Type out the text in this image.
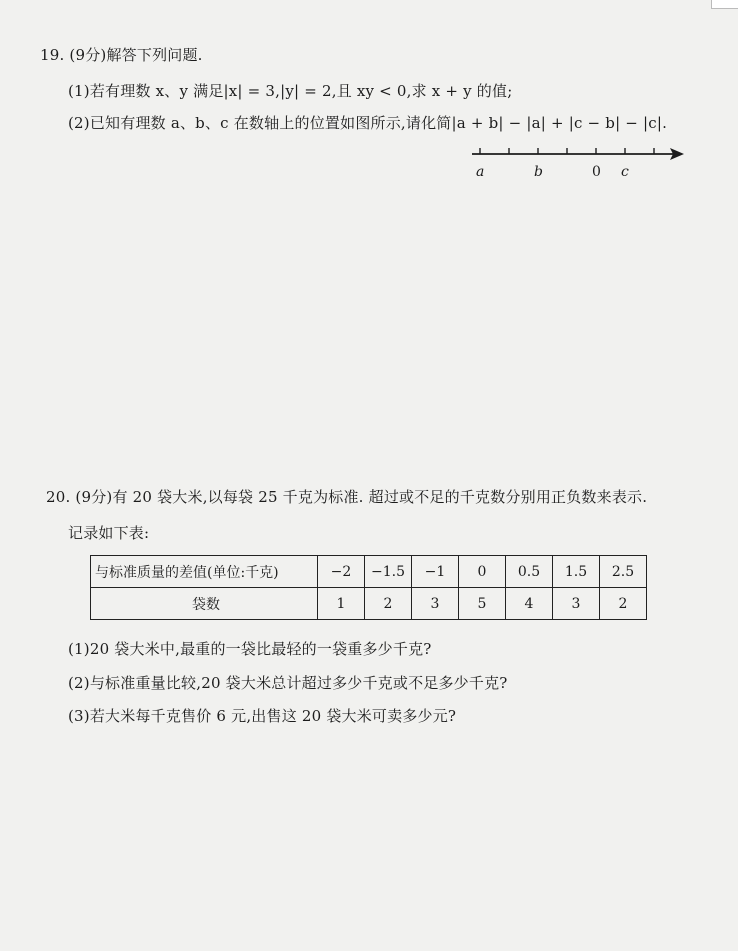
19. (9分)解答下列问题.
(1)若有理数 x、y 满足|x| = 3,|y| = 2,且 xy < 0,求 x + y 的值;
(2)已知有理数 a、b、c 在数轴上的位置如图所示,请化简|a + b| − |a| + |c − b| − |c|.
a	b	0 c
20. (9分)有 20 袋大米,以每袋 25 千克为标准. 超过或不足的千克数分别用正负数来表示.
记录如下表:
与标准质量的差值(单位:千克)	−2	−1.5	−1	0	0.5	1.5	2.5
袋数	1	2	3	5	4	3	2
(1)20 袋大米中,最重的一袋比最轻的一袋重多少千克?
(2)与标准重量比较,20 袋大米总计超过多少千克或不足多少千克?
(3)若大米每千克售价 6 元,出售这 20 袋大米可卖多少元?
